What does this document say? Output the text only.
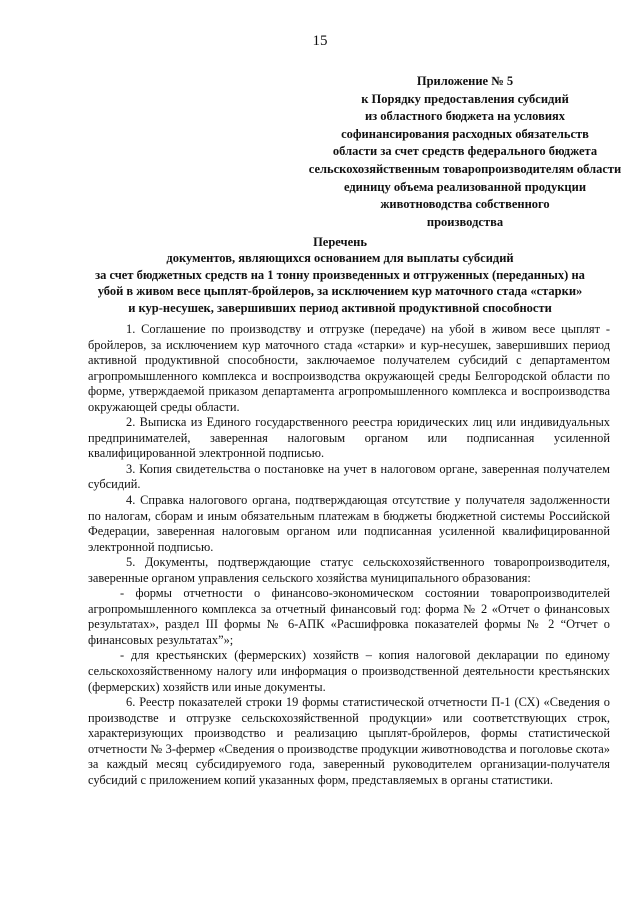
15
Приложение № 5
к Порядку предоставления субсидий
из областного бюджета на условиях
софинансирования расходных обязательств
области за счет средств федерального бюджета
сельскохозяйственным товаропроизводителям области
единицу объема реализованной продукции
животноводства собственного
производства
Перечень
документов, являющихся основанием для выплаты субсидий
за счет бюджетных средств на 1 тонну произведенных и отгруженных (переданных) на
убой в живом весе цыплят-бройлеров, за исключением кур маточного стада «старки»
и кур-несушек, завершивших период активной продуктивной способности

1. Соглашение по производству и отгрузке (передаче) на убой в живом весе цыплят - бройлеров, за исключением кур маточного стада «старки» и кур-несушек, завершивших период активной продуктивной способности, заключаемое получателем субсидий с департаментом агропромышленного комплекса и воспроизводства окружающей среды Белгородской области по форме, утверждаемой приказом департамента агропромышленного комплекса и воспроизводства окружающей среды области.

2. Выписка из Единого государственного реестра юридических лиц или индивидуальных предпринимателей, заверенная налоговым органом или подписанная усиленной квалифицированной электронной подписью.

3. Копия свидетельства о постановке на учет в налоговом органе, заверенная получателем субсидий.

4. Справка налогового органа, подтверждающая отсутствие у получателя задолженности по налогам, сборам и иным обязательным платежам в бюджеты бюджетной системы Российской Федерации, заверенная налоговым органом или подписанная усиленной квалифицированной электронной подписью.

5. Документы, подтверждающие статус сельскохозяйственного товаропроизводителя, заверенные органом управления сельского хозяйства муниципального образования:

- формы отчетности о финансово-экономическом состоянии товаропроизводителей агропромышленного комплекса за отчетный финансовый год: форма № 2 «Отчет о финансовых результатах», раздел III формы № 6-АПК «Расшифровка показателей формы № 2 “Отчет о финансовых результатах”»;

- для крестьянских (фермерских) хозяйств – копия налоговой декларации по единому сельскохозяйственному налогу или информация о производственной деятельности крестьянских (фермерских) хозяйств или иные документы.

6. Реестр показателей строки 19 формы статистической отчетности П-1 (СХ) «Сведения о производстве и отгрузке сельскохозяйственной продукции» или соответствующих строк, характеризующих производство и реализацию цыплят-бройлеров, формы статистической отчетности № 3-фермер «Сведения о производстве продукции животноводства и поголовье скота» за каждый месяц субсидируемого года, заверенный руководителем организации-получателя субсидий с приложением копий указанных форм, представляемых в органы статистики.
